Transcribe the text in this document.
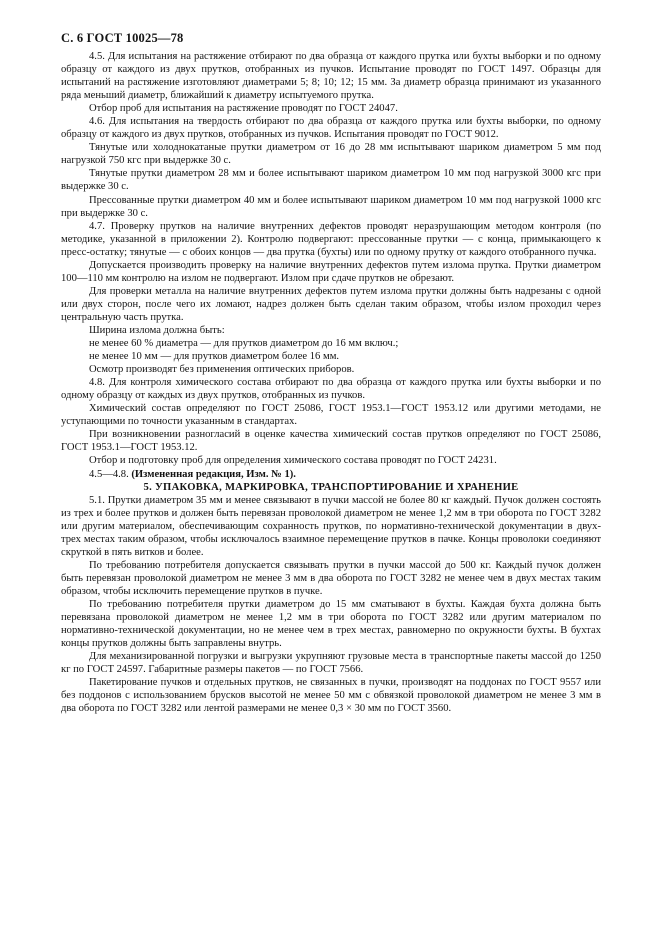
С. 6 ГОСТ 10025—78

4.5. Для испытания на растяжение отбирают по два образца от каждого прутка или бухты выборки и по одному образцу от каждого из двух прутков, отобранных из пучков. Испытание проводят по ГОСТ 1497. Образцы для испытаний на растяжение изготовляют диаметрами 5; 8; 10; 12; 15 мм. За диаметр образца принимают из указанного ряда меньший диаметр, ближайший к диаметру испытуемого прутка.

Отбор проб для испытания на растяжение проводят по ГОСТ 24047.

4.6. Для испытания на твердость отбирают по два образца от каждого прутка или бухты выборки, по одному образцу от каждого из двух прутков, отобранных из пучков. Испытания проводят по ГОСТ 9012.

Тянутые или холоднокатаные прутки диаметром от 16 до 28 мм испытывают шариком диаметром 5 мм под нагрузкой 750 кгс при выдержке 30 с.

Тянутые прутки диаметром 28 мм и более испытывают шариком диаметром 10 мм под нагрузкой 3000 кгс при выдержке 30 с.

Прессованные прутки диаметром 40 мм и более испытывают шариком диаметром 10 мм под нагрузкой 1000 кгс при выдержке 30 с.

4.7. Проверку прутков на наличие внутренних дефектов проводят неразрушающим методом контроля (по методике, указанной в приложении 2). Контролю подвергают: прессованные прутки — с конца, примыкающего к пресс-остатку; тянутые — с обоих концов — два прутка (бухты) или по одному прутку от каждого отобранного пучка.

Допускается производить проверку на наличие внутренних дефектов путем излома прутка. Прутки диаметром 100—110 мм контролю на излом не подвергают. Излом при сдаче прутков не обрезают.

Для проверки металла на наличие внутренних дефектов путем излома прутки должны быть надрезаны с одной или двух сторон, после чего их ломают, надрез должен быть сделан таким образом, чтобы излом проходил через центральную часть прутка.

Ширина излома должна быть:

не менее 60 % диаметра — для прутков диаметром до 16 мм включ.;

не менее 10 мм — для прутков диаметром более 16 мм.

Осмотр производят без применения оптических приборов.

4.8. Для контроля химического состава отбирают по два образца от каждого прутка или бухты выборки и по одному образцу от каждых из двух прутков, отобранных из пучков.

Химический состав определяют по ГОСТ 25086, ГОСТ 1953.1—ГОСТ 1953.12 или другими методами, не уступающими по точности указанным в стандартах.

При возникновении разногласий в оценке качества химический состав прутков определяют по ГОСТ 25086, ГОСТ 1953.1—ГОСТ 1953.12.

Отбор и подготовку проб для определения химического состава проводят по ГОСТ 24231.

4.5—4.8. (Измененная редакция, Изм. № 1).

5. УПАКОВКА, МАРКИРОВКА, ТРАНСПОРТИРОВАНИЕ И ХРАНЕНИЕ

5.1. Прутки диаметром 35 мм и менее связывают в пучки массой не более 80 кг каждый. Пучок должен состоять из трех и более прутков и должен быть перевязан проволокой диаметром не менее 1,2 мм в три оборота по ГОСТ 3282 или другим материалом, обеспечивающим сохранность прутков, по нормативно-технической документации в двух-трех местах таким образом, чтобы исключалось взаимное перемещение прутков в пачке. Концы проволоки соединяют скруткой в пять витков и более.

По требованию потребителя допускается связывать прутки в пучки массой до 500 кг. Каждый пучок должен быть перевязан проволокой диаметром не менее 3 мм в два оборота по ГОСТ 3282 не менее чем в двух местах таким образом, чтобы исключить перемещение прутков в пучке.

По требованию потребителя прутки диаметром до 15 мм сматывают в бухты. Каждая бухта должна быть перевязана проволокой диаметром не менее 1,2 мм в три оборота по ГОСТ 3282 или другим материалом по нормативно-технической документации, но не менее чем в трех местах, равномерно по окружности бухты. В бухтах концы прутков должны быть заправлены внутрь.

Для механизированной погрузки и выгрузки укрупняют грузовые места в транспортные пакеты массой до 1250 кг по ГОСТ 24597. Габаритные размеры пакетов — по ГОСТ 7566.

Пакетирование пучков и отдельных прутков, не связанных в пучки, производят на поддонах по ГОСТ 9557 или без поддонов с использованием брусков высотой не менее 50 мм с обвязкой проволокой диаметром не менее 3 мм в два оборота по ГОСТ 3282 или лентой размерами не менее 0,3 × 30 мм по ГОСТ 3560.
